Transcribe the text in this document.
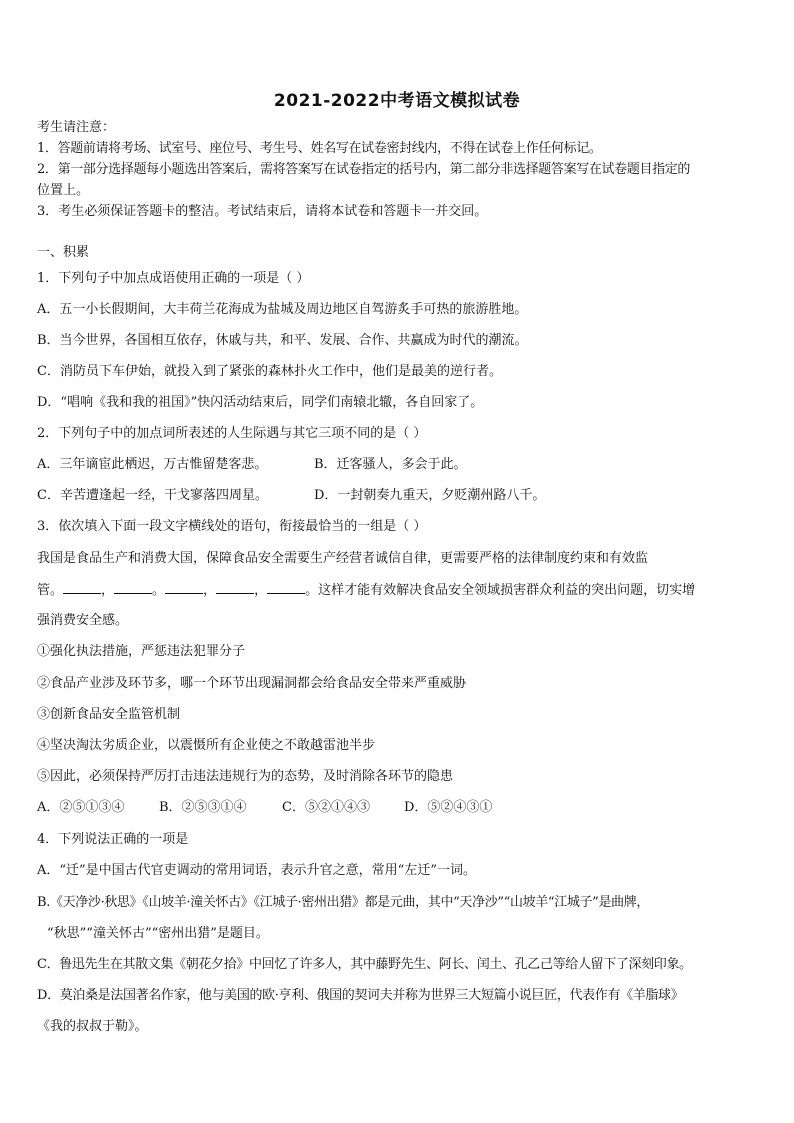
2021-2022中考语文模拟试卷
考生请注意：
1．答题前请将考场、试室号、座位号、考生号、姓名写在试卷密封线内，不得在试卷上作任何标记。
2．第一部分选择题每小题选出答案后，需将答案写在试卷指定的括号内，第二部分非选择题答案写在试卷题目指定的
位置上。
3．考生必须保证答题卡的整洁。考试结束后，请将本试卷和答题卡一并交回。
一、积累
1．下列句子中加点成语使用正确的一项是（ ）
A．五一小长假期间，大丰荷兰花海成为盐城及周边地区自驾游炙手可热的旅游胜地。
B．当今世界，各国相互依存，休戚与共，和平、发展、合作、共赢成为时代的潮流。
C．消防员下车伊始，就投入到了紧张的森林扑火工作中，他们是最美的逆行者。
D．“唱响《我和我的祖国》”快闪活动结束后，同学们南辕北辙，各自回家了。
2．下列句子中的加点词所表述的人生际遇与其它三项不同的是（ ）
A．三年谪宦此栖迟，万古惟留楚客悲。	B．迁客骚人，多会于此。
C．辛苦遭逢起一经，干戈寥落四周星。	D．一封朝奏九重天，夕贬潮州路八千。
3．依次填入下面一段文字横线处的语句，衔接最恰当的一组是（ ）
我国是食品生产和消费大国，保障食品安全需要生产经营者诚信自律，更需要严格的法律制度约束和有效监
管。	，	。	，	，	。这样才能有效解决食品安全领域损害群众利益的突出问题，切实增
强消费安全感。
①强化执法措施，严惩违法犯罪分子
②食品产业涉及环节多，哪一个环节出现漏洞都会给食品安全带来严重威胁
③创新食品安全监管机制
④坚决淘汰劣质企业，以震慑所有企业使之不敢越雷池半步
⑤因此，必须保持严厉打击违法违规行为的态势，及时消除各环节的隐患
A．②⑤①③④	B．②⑤③①④	C．⑤②①④③	D．⑤②④③①
4．下列说法正确的一项是
A．“迁”是中国古代官吏调动的常用词语，表示升官之意，常用“左迁”一词。
B.《天净沙·秋思》《山坡羊·潼关怀古》《江城子·密州出猎》都是元曲，其中“天净沙”“山坡羊“江城子”是曲牌，
“秋思”“潼关怀古”“密州出猎”是题目。
C．鲁迅先生在其散文集《朝花夕拾》中回忆了许多人，其中藤野先生、阿长、闰土、孔乙己等给人留下了深刻印象。
D．莫泊桑是法国著名作家，他与美国的欧·亨利、俄国的契诃夫并称为世界三大短篇小说巨匠，代表作有《羊脂球》
《我的叔叔于勒》。
